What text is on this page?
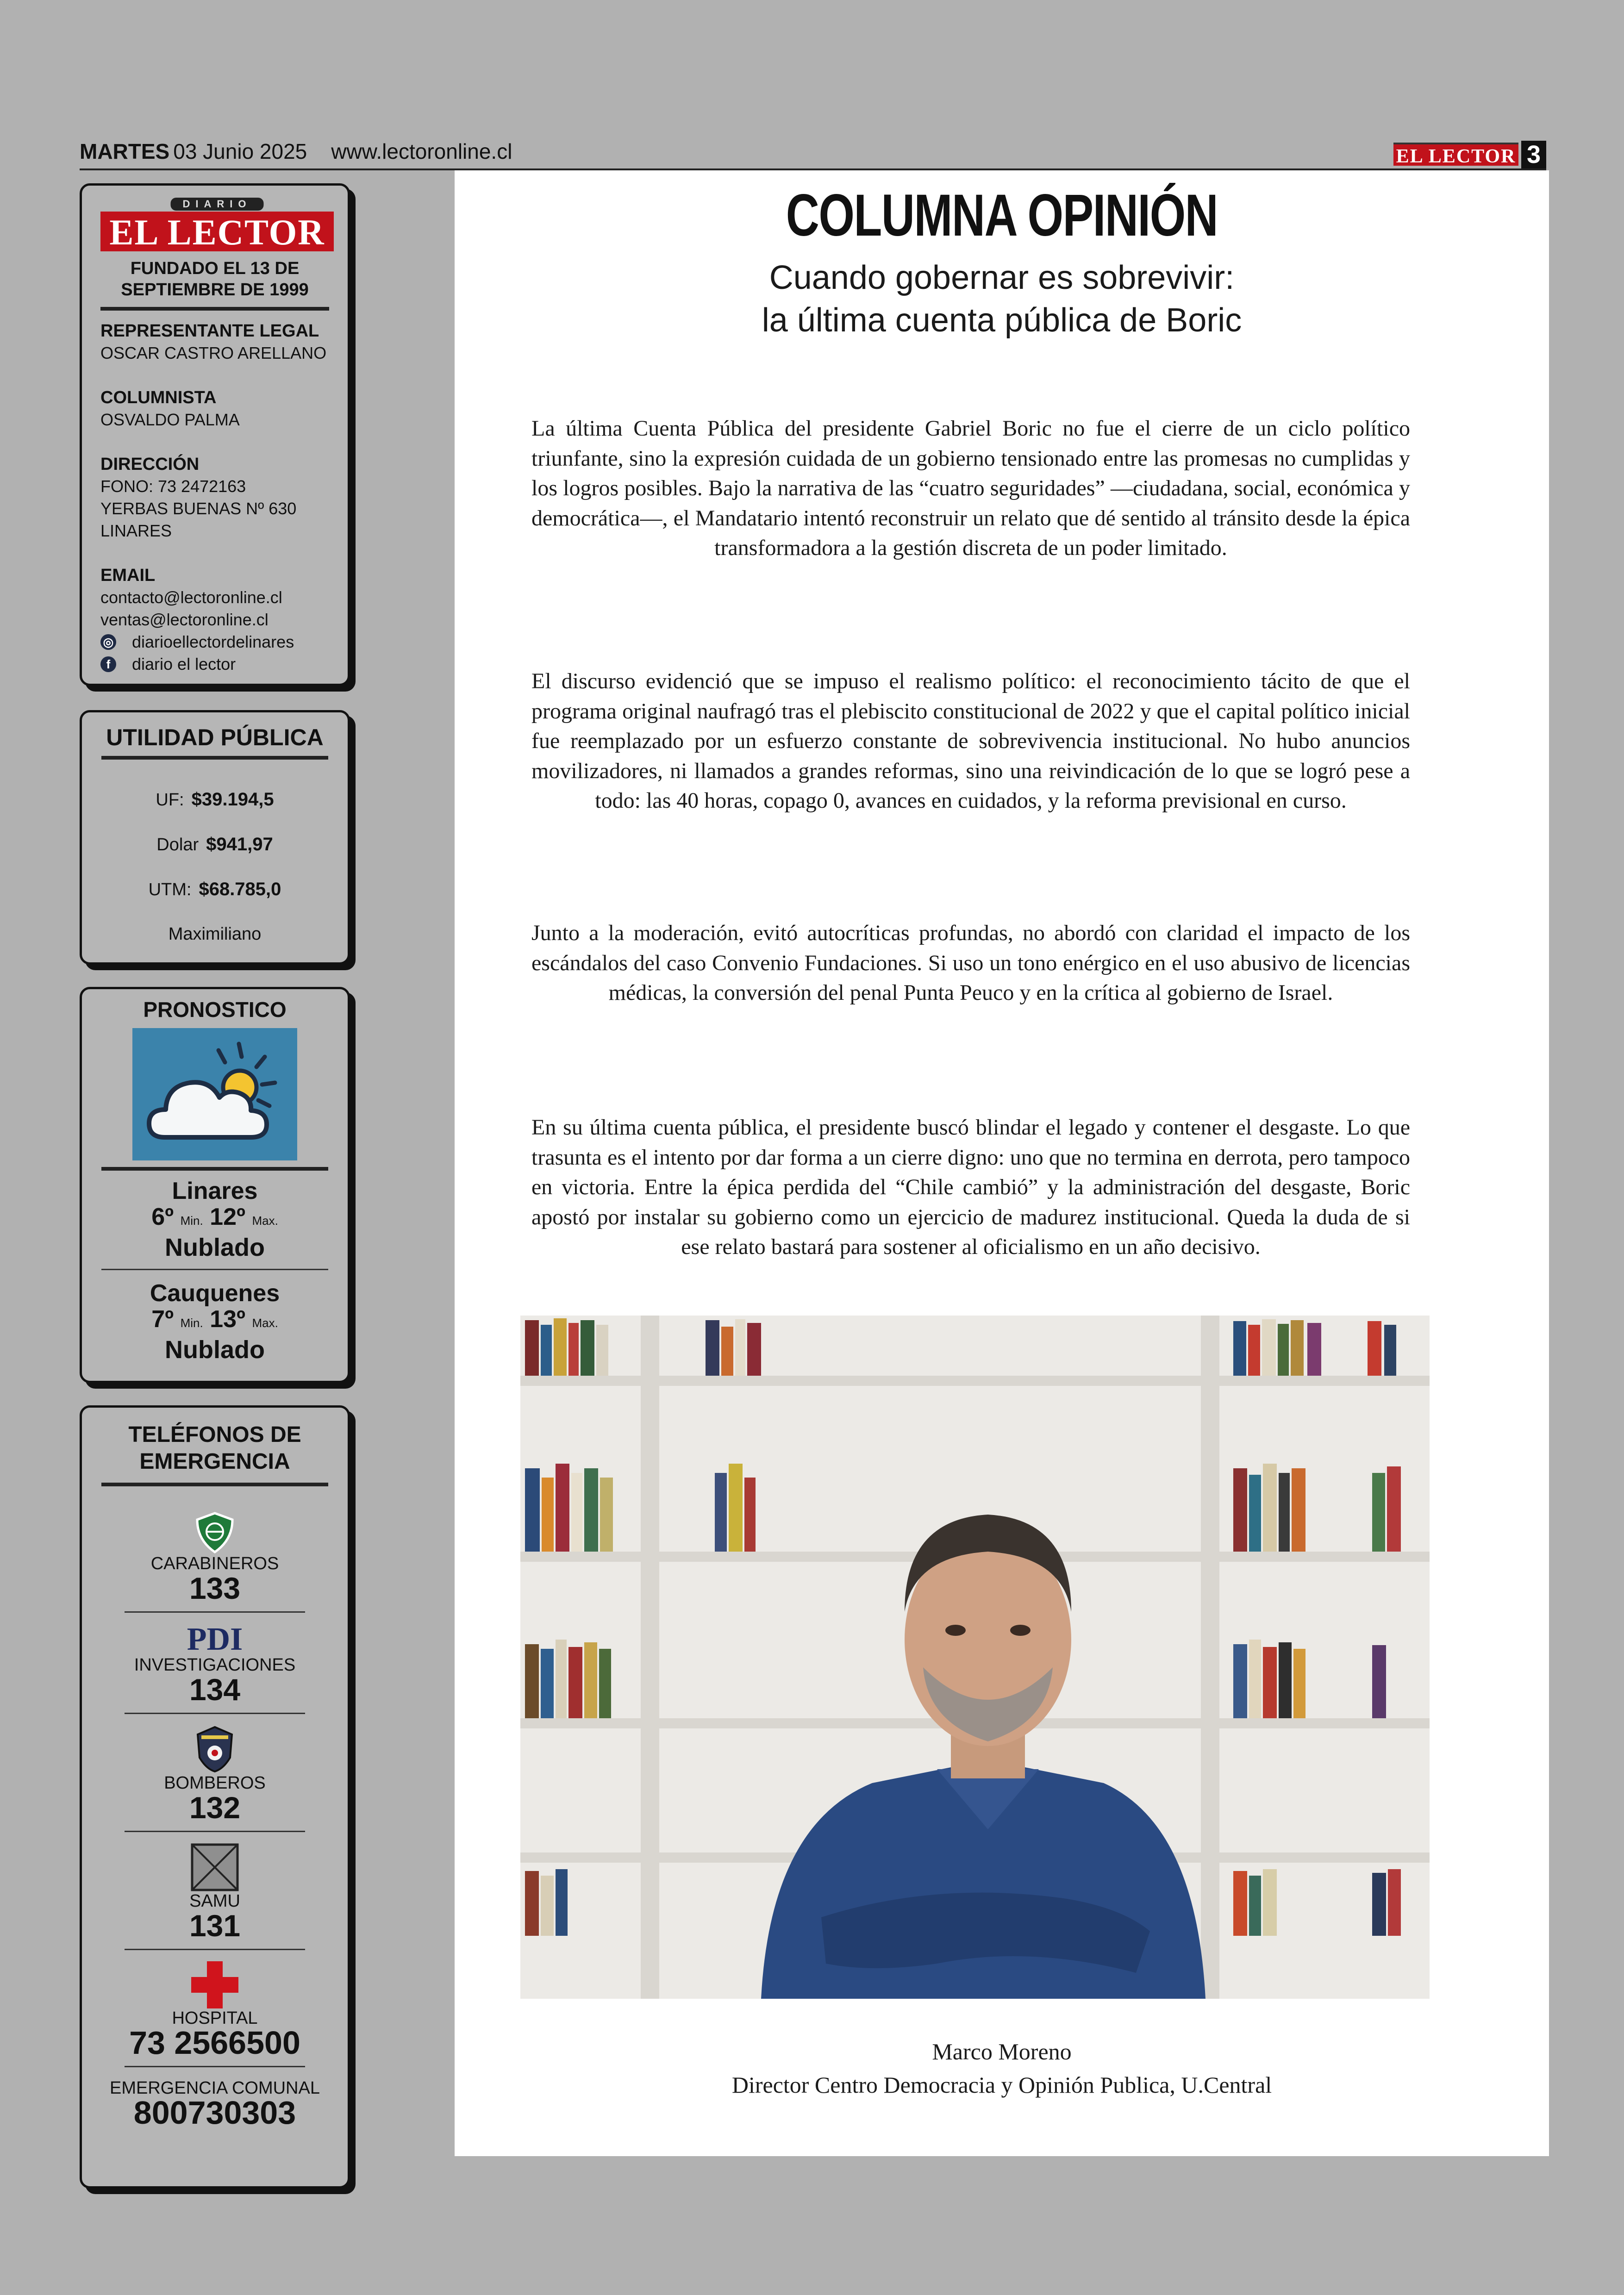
MARTES 03 Junio 2025 www.lectoronline.cl	EL LECTOR 3
DIARIO
EL LECTOR
FUNDADO EL 13 DE SEPTIEMBRE DE 1999
REPRESENTANTE LEGAL
OSCAR CASTRO ARELLANO
COLUMNISTA
OSVALDO PALMA
DIRECCIÓN
FONO: 73 2472163
YERBAS BUENAS Nº 630
LINARES
EMAIL
contacto@lectoronline.cl
ventas@lectoronline.cl
◎ diarioellectordelinares
f	diario el lector
UTILIDAD PÚBLICA
UF: $39.194,5
Dolar $941,97
UTM: $68.785,0
Maximiliano
PRONOSTICO
Linares
6º Min. 12º Max.
Nublado
Cauquenes
7º Min. 13º Max.
Nublado
TELÉFONOS DE EMERGENCIA
CARABINEROS
133
PDI
INVESTIGACIONES
134
BOMBEROS
132
SAMU
131
HOSPITAL
73 2566500
EMERGENCIA COMUNAL
800730303
COLUMNA OPINIÓN
Cuando gobernar es sobrevivir:
la última cuenta pública de Boric

La última Cuenta Pública del presidente Gabriel Boric no fue el cierre de un ciclo político triunfante, sino la expresión cuidada de un gobierno tensionado entre las promesas no cumplidas y los logros posibles. Bajo la narrativa de las “cuatro seguridades” —ciudadana, social, económica y democrática—, el Mandatario intentó reconstruir un relato que dé sentido al tránsito desde la épica transformadora a la gestión discreta de un poder limitado.

El discurso evidenció que se impuso el realismo político: el reconocimiento tácito de que el programa original naufragó tras el plebiscito constitucional de 2022 y que el capital político inicial fue reemplazado por un esfuerzo constante de sobrevivencia institucional. No hubo anuncios movilizadores, ni llamados a grandes reformas, sino una reivindicación de lo que se logró pese a todo: las 40 horas, copago 0, avances en cuidados, y la reforma previsional en curso.

Junto a la moderación, evitó autocríticas profundas, no abordó con claridad el impacto de los escándalos del caso Convenio Fundaciones. Si uso un tono enérgico en el uso abusivo de licencias médicas, la conversión del penal Punta Peuco y en la crítica al gobierno de Israel.

En su última cuenta pública, el presidente buscó blindar el legado y contener el desgaste. Lo que trasunta es el intento por dar forma a un cierre digno: uno que no termina en derrota, pero tampoco en victoria. Entre la épica perdida del “Chile cambió” y la administración del desgaste, Boric apostó por instalar su gobierno como un ejercicio de madurez institucional. Queda la duda de si ese relato bastará para sostener al oficialismo en un año decisivo.

Marco Moreno
Director Centro Democracia y Opinión Publica, U.Central
